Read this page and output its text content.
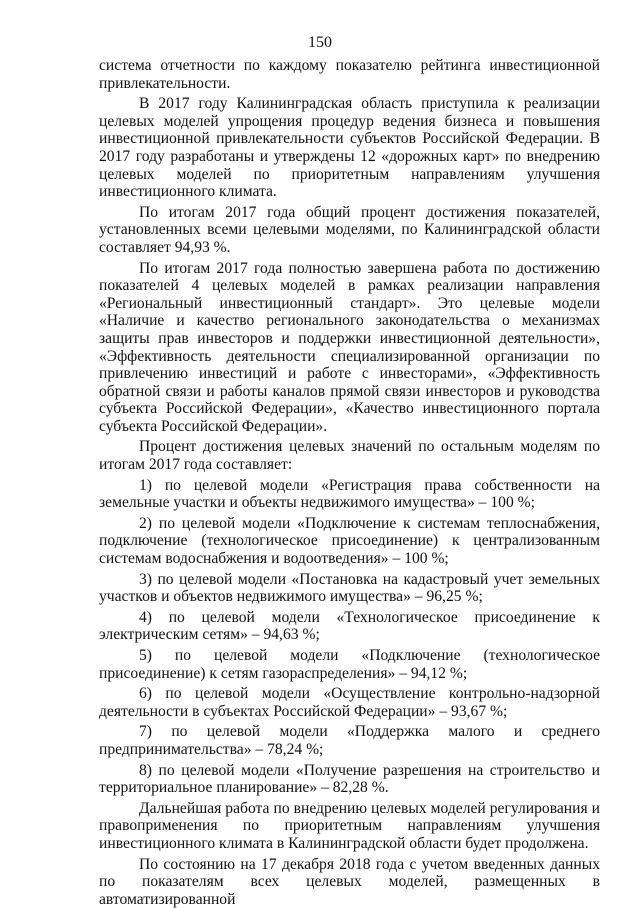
150

система отчетности по каждому показателю рейтинга инвестиционной привлекательности.

В 2017 году Калининградская область приступила к реализации целевых моделей упрощения процедур ведения бизнеса и повышения инвестиционной привлекательности субъектов Российской Федерации. В 2017 году разработаны и утверждены 12 «дорожных карт» по внедрению целевых моделей по приоритетным направлениям улучшения инвестиционного климата.

По итогам 2017 года общий процент достижения показателей, установленных всеми целевыми моделями, по Калининградской области составляет 94,93 %.

По итогам 2017 года полностью завершена работа по достижению показателей 4 целевых моделей в рамках реализации направления «Региональный инвестиционный стандарт». Это целевые модели «Наличие и качество регионального законодательства о механизмах защиты прав инвесторов и поддержки инвестиционной деятельности», «Эффективность деятельности специализированной организации по привлечению инвестиций и работе с инвесторами», «Эффективность обратной связи и работы каналов прямой связи инвесторов и руководства субъекта Российской Федерации», «Качество инвестиционного портала субъекта Российской Федерации».

Процент достижения целевых значений по остальным моделям по итогам 2017 года составляет:

1) по целевой модели «Регистрация права собственности на земельные участки и объекты недвижимого имущества» – 100 %;

2) по целевой модели «Подключение к системам теплоснабжения, подключение (технологическое присоединение) к централизованным системам водоснабжения и водоотведения» – 100 %;

3) по целевой модели «Постановка на кадастровый учет земельных участков и объектов недвижимого имущества» – 96,25 %;

4) по целевой модели «Технологическое присоединение к электрическим сетям» – 94,63 %;

5) по целевой модели «Подключение (технологическое присоединение) к сетям газораспределения» – 94,12 %;

6) по целевой модели «Осуществление контрольно-надзорной деятельности в субъектах Российской Федерации» – 93,67 %;

7) по целевой модели «Поддержка малого и среднего предпринимательства» – 78,24 %;

8) по целевой модели «Получение разрешения на строительство и территориальное планирование» – 82,28 %.

Дальнейшая работа по внедрению целевых моделей регулирования и правоприменения по приоритетным направлениям улучшения инвестиционного климата в Калининградской области будет продолжена.

По состоянию на 17 декабря 2018 года с учетом введенных данных по показателям всех целевых моделей, размещенных в автоматизированной
